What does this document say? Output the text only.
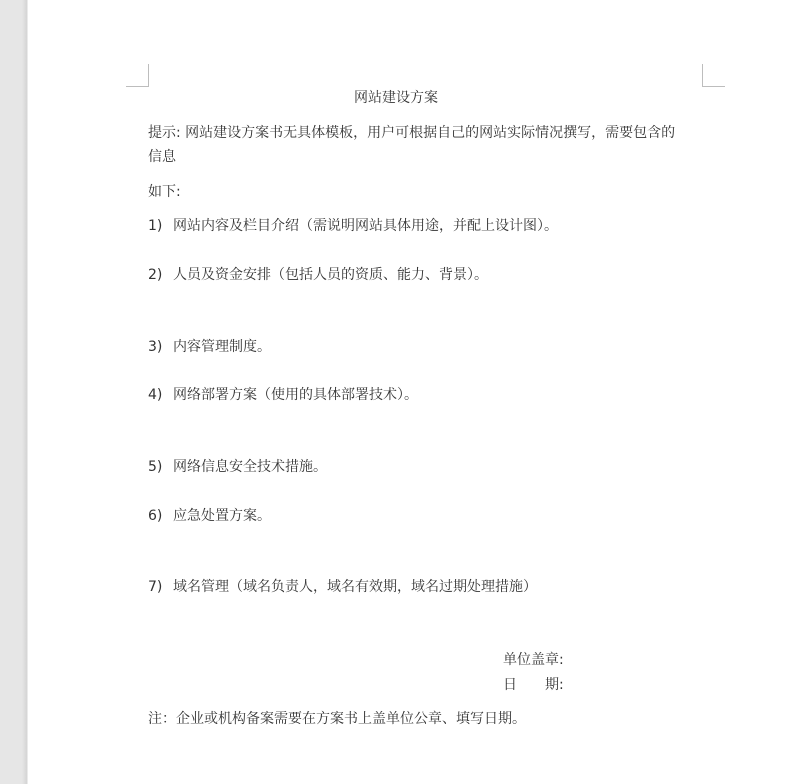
网站建设方案
提示: 网站建设方案书无具体模板，用户可根据自己的网站实际情况撰写，需要包含的
信息
如下:
1) 网站内容及栏目介绍（需说明网站具体用途，并配上设计图）。
2) 人员及资金安排（包括人员的资质、能力、背景）。
3) 内容管理制度。
4) 网络部署方案（使用的具体部署技术）。
5) 网络信息安全技术措施。
6) 应急处置方案。
7) 域名管理（域名负责人，域名有效期，域名过期处理措施）
单位盖章:
日　　期:
注：企业或机构备案需要在方案书上盖单位公章、填写日期。
